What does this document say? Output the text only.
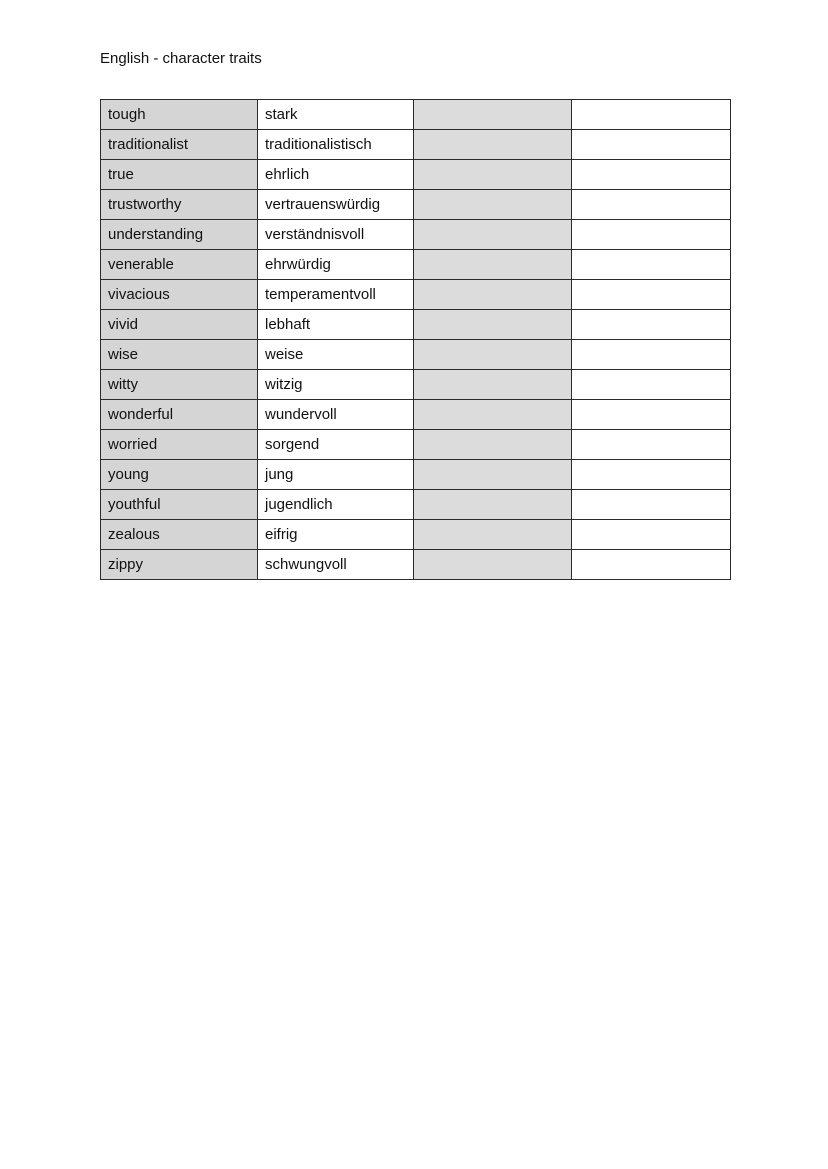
English - character traits
tough	stark		
traditionalist	traditionalistisch		
true	ehrlich		
trustworthy	vertrauenswürdig		
understanding	verständnisvoll		
venerable	ehrwürdig		
vivacious	temperamentvoll		
vivid	lebhaft		
wise	weise		
witty	witzig		
wonderful	wundervoll		
worried	sorgend		
young	jung		
youthful	jugendlich		
zealous	eifrig		
zippy	schwungvoll		
